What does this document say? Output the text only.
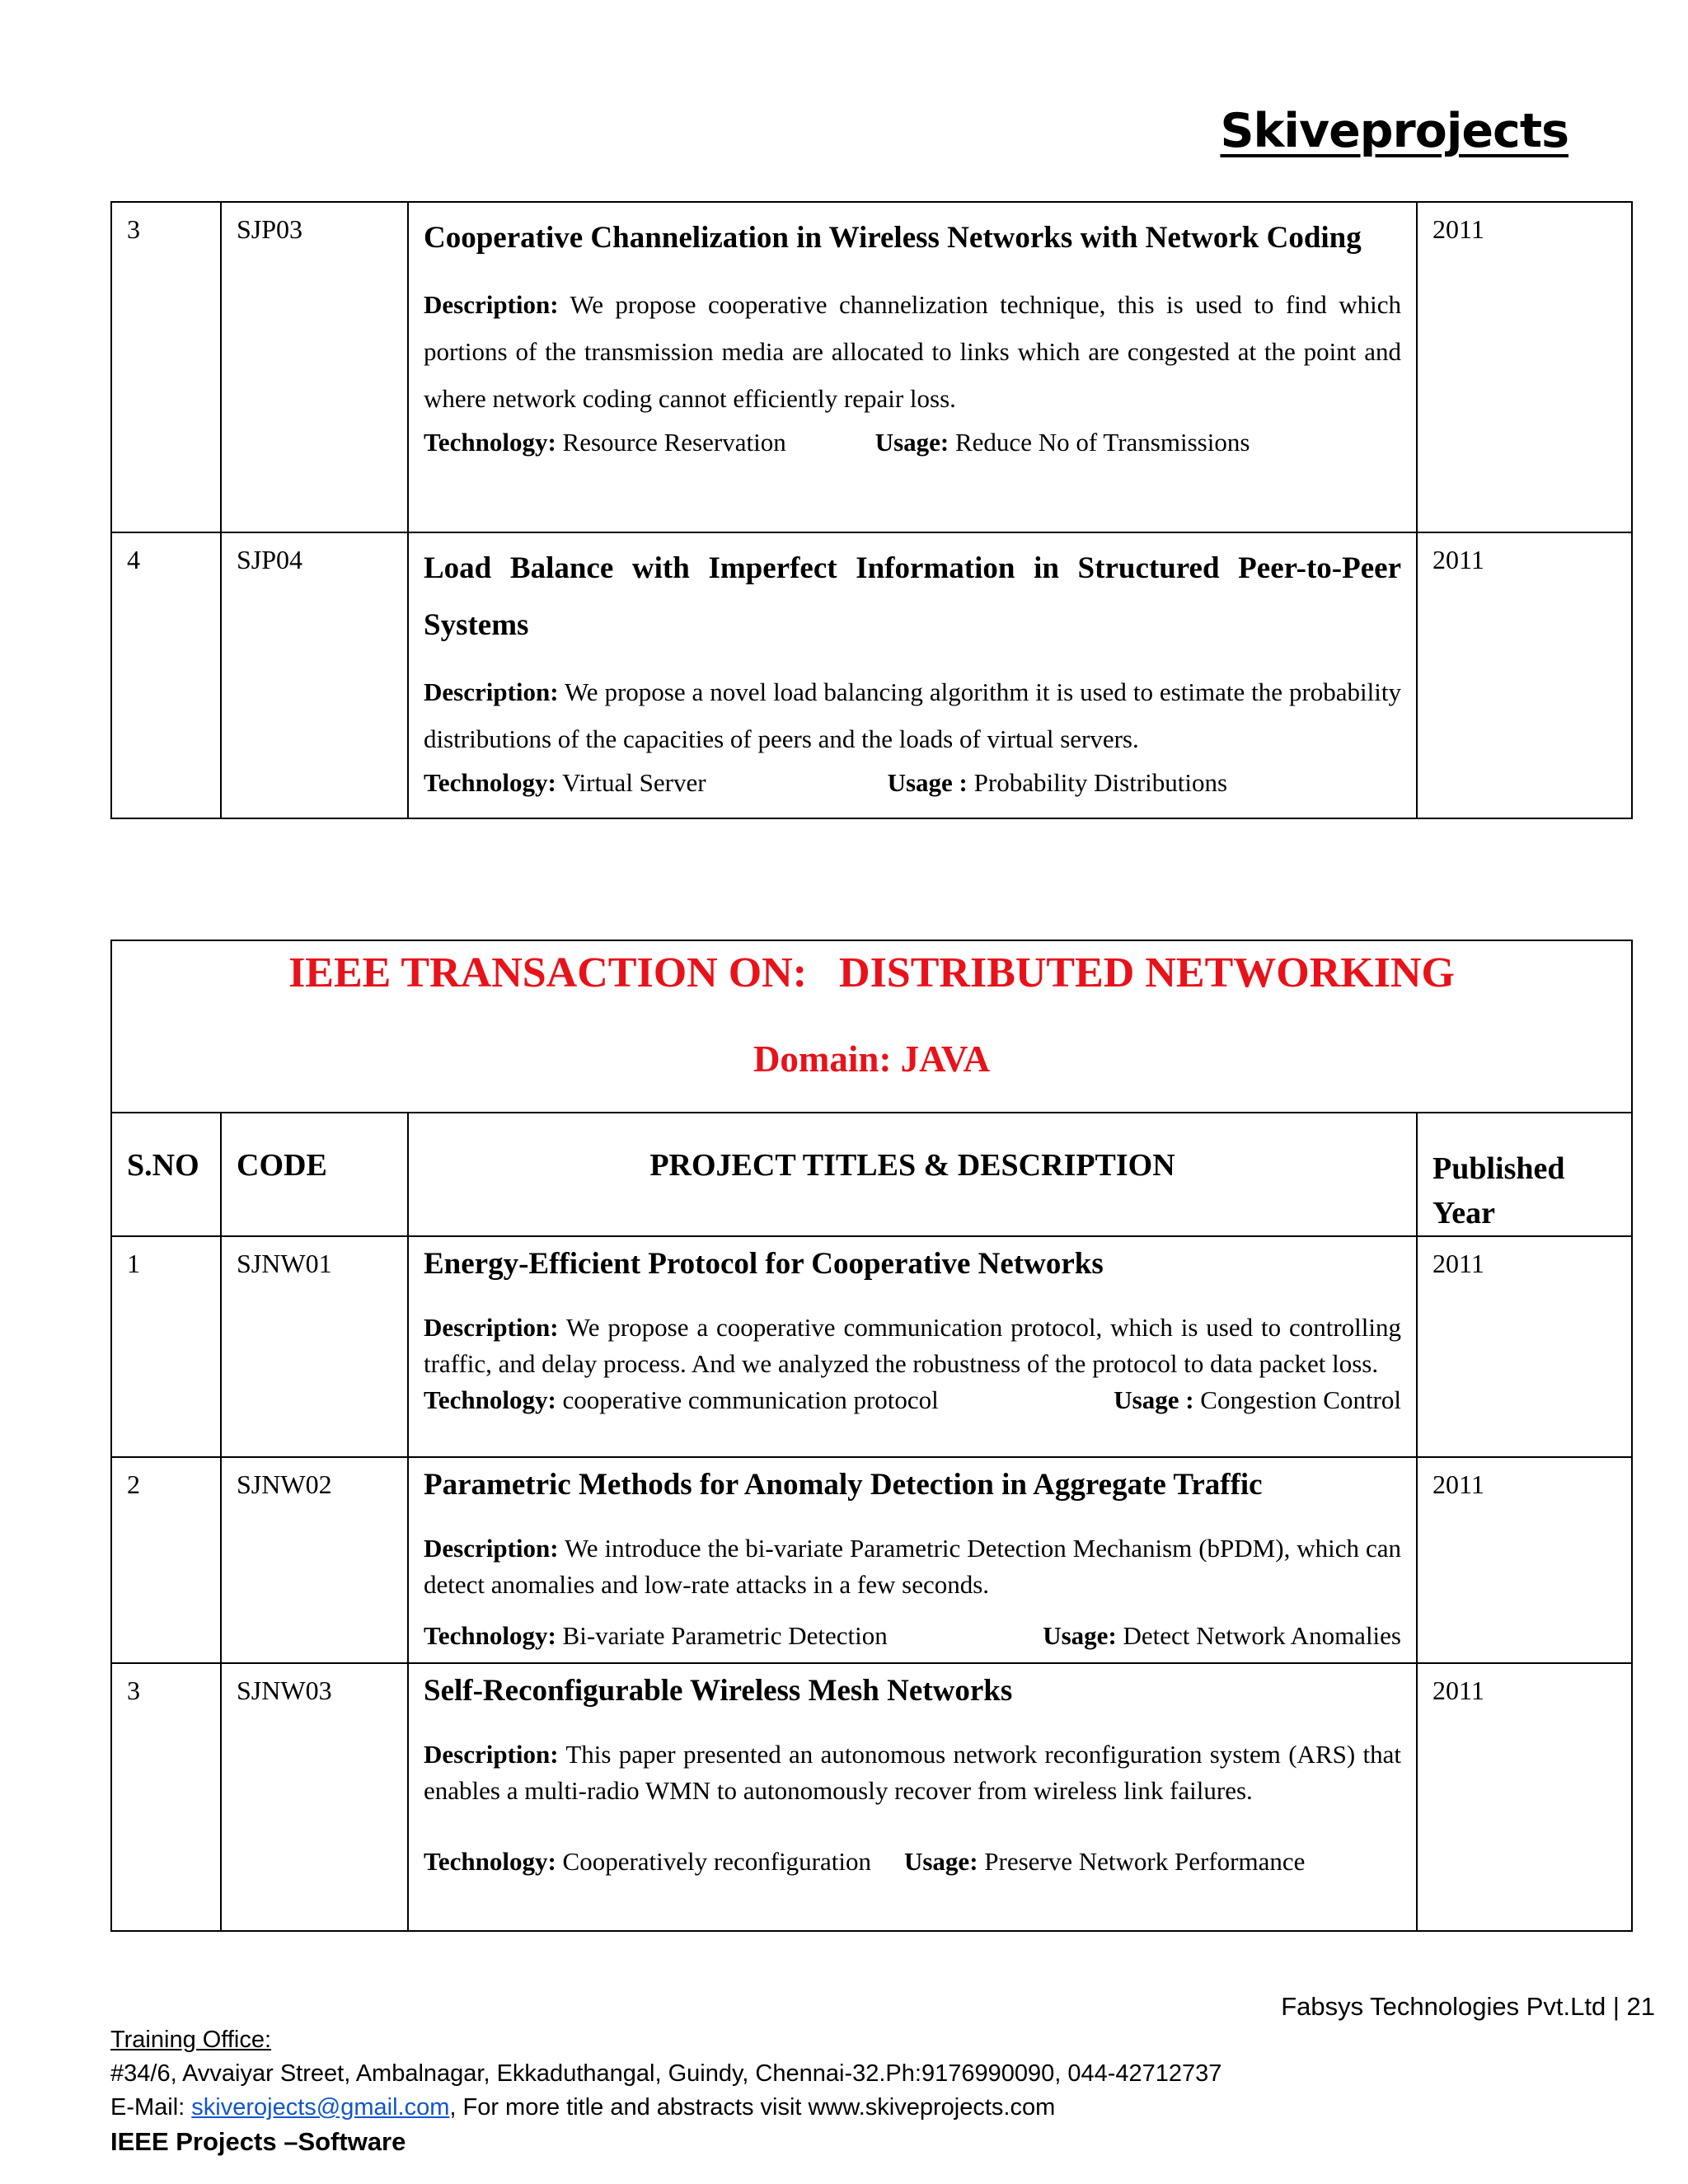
Skiveprojects
3	SJP03	Cooperative Channelization in Wireless Networks with Network Coding

Description: We propose cooperative channelization technique, this is used to find which portions of the transmission media are allocated to links which are congested at the point and where network coding cannot efficiently repair loss.

Technology: Resource Reservation Usage: Reduce No of Transmissions	2011
4	SJP04	Load Balance with Imperfect Information in Structured Peer-to-Peer Systems

Description: We propose a novel load balancing algorithm it is used to estimate the probability distributions of the capacities of peers and the loads of virtual servers.

Technology: Virtual Server Usage : Probability Distributions	2011
IEEE TRANSACTION ON:   DISTRIBUTED NETWORKING
Domain: JAVA			

S.NO	CODE	PROJECT TITLES & DESCRIPTION	Published Year
1	SJNW01	Energy-Efficient Protocol for Cooperative Networks

Description: We propose a cooperative communication protocol, which is used to controlling traffic, and delay process. And we analyzed the robustness of the protocol to data packet loss.

Technology: cooperative communication protocol Usage : Congestion Control	2011
2	SJNW02	Parametric Methods for Anomaly Detection in Aggregate Traffic

Description: We introduce the bi-variate Parametric Detection Mechanism (bPDM), which can detect anomalies and low-rate attacks in a few seconds.

Technology: Bi-variate Parametric Detection Usage: Detect Network Anomalies	2011
3	SJNW03	Self-Reconfigurable Wireless Mesh Networks

Description: This paper presented an autonomous network reconfiguration system (ARS) that enables a multi-radio WMN to autonomously recover from wireless link failures.

Technology: Cooperatively reconfiguration Usage: Preserve Network Performance	2011
Fabsys Technologies Pvt.Ltd | 21
Training Office:
#34/6, Avvaiyar Street, Ambalnagar, Ekkaduthangal, Guindy, Chennai-32.Ph:9176990090, 044-42712737
E-Mail: skiverojects@gmail.com, For more title and abstracts visit www.skiveprojects.com
IEEE Projects –Software
